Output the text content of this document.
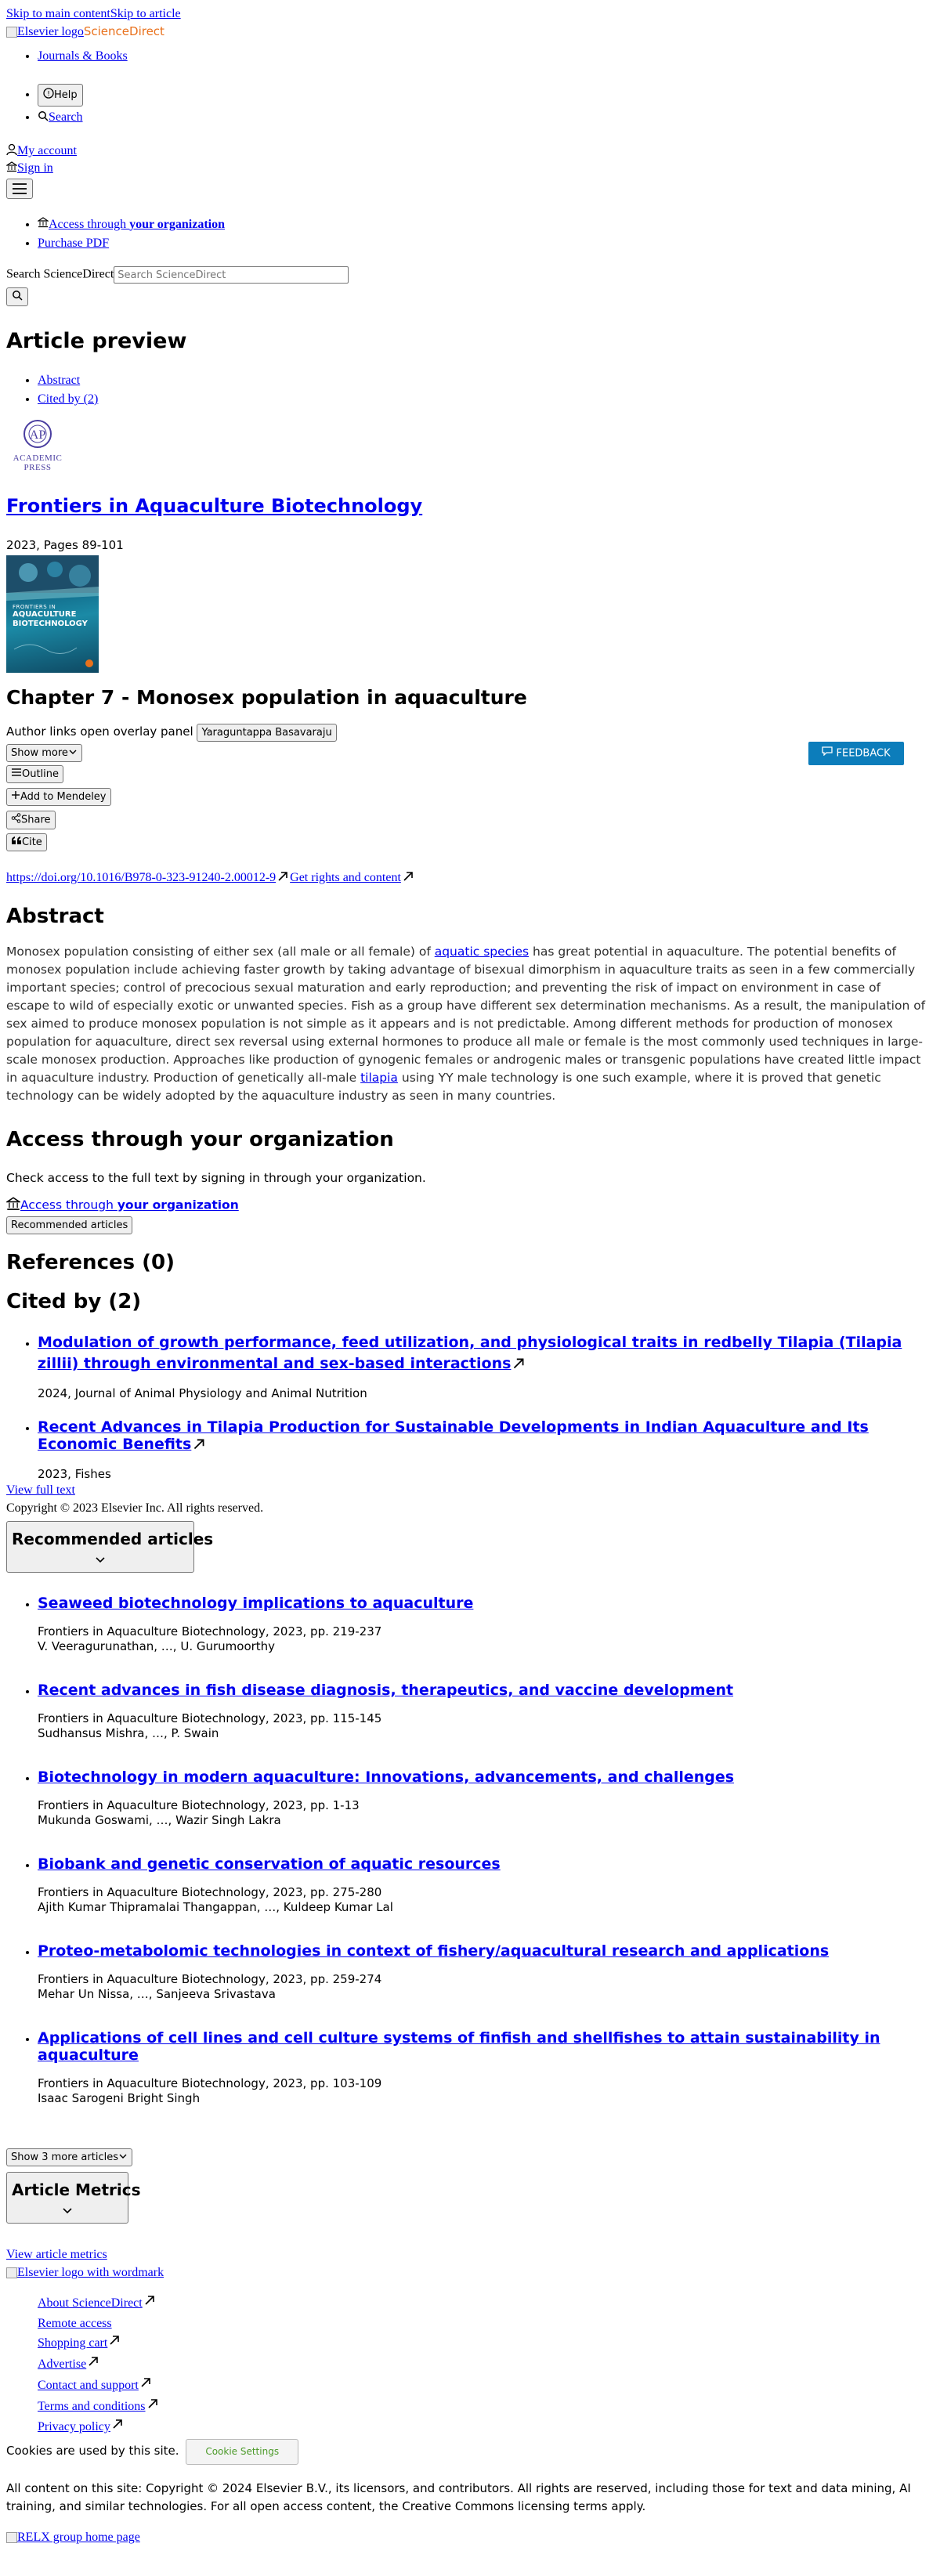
Skip to main contentSkip to article
Elsevier logoScienceDirect
• Journals & Books
• ! Help
• Search
My account
Sign in
• Access through your organization
• Purchase PDF
Search ScienceDirectSearch ScienceDirect
Article preview
• Abstract
• Cited by (2)
AP
ACADEMIC
PRESS
Frontiers in Aquaculture Biotechnology
2023, Pages 89-101
FRONTIERS IN
AQUACULTURE BIOTECHNOLOGY
Chapter 7 - Monosex population in aquaculture
Author links open overlay panel Yaraguntappa Basavaraju
Show more	FEEDBACK
Outline
Add to Mendeley
Share
Cite
https://doi.org/10.1016/B978-0-323-91240-2.00012-9 Get rights and content
Abstract

Monosex population consisting of either sex (all male or all female) of aquatic species has great potential in aquaculture. The potential benefits of monosex population include achieving faster growth by taking advantage of bisexual dimorphism in aquaculture traits as seen in a few commercially important species; control of precocious sexual maturation and early reproduction; and preventing the risk of impact on environment in case of escape to wild of especially exotic or unwanted species. Fish as a group have different sex determination mechanisms. As a result, the manipulation of sex aimed to produce monosex population is not simple as it appears and is not predictable. Among different methods for production of monosex population for aquaculture, direct sex reversal using external hormones to produce all male or female is the most commonly used techniques in large-scale monosex production. Approaches like production of gynogenic females or androgenic males or transgenic populations have created little impact in aquaculture industry. Production of genetically all-male tilapia using YY male technology is one such example, where it is proved that genetic technology can be widely adopted by the aquaculture industry as seen in many countries.

Access through your organization

Check access to the full text by signing in through your organization.

Access through your organization
Recommended articles
References (0)
Cited by (2)
• Modulation of growth performance, feed utilization, and physiological traits in redbelly Tilapia (Tilapia zillii) through environmental and sex-based interactions
2024, Journal of Animal Physiology and Animal Nutrition
• Recent Advances in Tilapia Production for Sustainable Developments in Indian Aquaculture and Its Economic Benefits
2023, Fishes
View full text
Copyright © 2023 Elsevier Inc. All rights reserved.
Recommended articles
• Seaweed biotechnology implications to aquaculture
Frontiers in Aquaculture Biotechnology, 2023, pp. 219-237
V. Veeragurunathan, …, U. Gurumoorthy
• Recent advances in fish disease diagnosis, therapeutics, and vaccine development
Frontiers in Aquaculture Biotechnology, 2023, pp. 115-145
Sudhansus Mishra, …, P. Swain
• Biotechnology in modern aquaculture: Innovations, advancements, and challenges
Frontiers in Aquaculture Biotechnology, 2023, pp. 1-13
Mukunda Goswami, …, Wazir Singh Lakra
• Biobank and genetic conservation of aquatic resources
Frontiers in Aquaculture Biotechnology, 2023, pp. 275-280
Ajith Kumar Thipramalai Thangappan, …, Kuldeep Kumar Lal
• Proteo-metabolomic technologies in context of fishery/aquacultural research and applications
Frontiers in Aquaculture Biotechnology, 2023, pp. 259-274
Mehar Un Nissa, …, Sanjeeva Srivastava
• Applications of cell lines and cell culture systems of finfish and shellfishes to attain sustainability in aquaculture
Frontiers in Aquaculture Biotechnology, 2023, pp. 103-109
Isaac Sarogeni Bright Singh
Show 3 more articles
Article Metrics
View article metrics
Elsevier logo with wordmark
About ScienceDirect
Remote access
Shopping cart
Advertise
Contact and support
Terms and conditions
Privacy policy
Cookies are used by this site.	Cookie Settings

All content on this site: Copyright © 2024 Elsevier B.V., its licensors, and contributors. All rights are reserved, including those for text and data mining, AI training, and similar technologies. For all open access content, the Creative Commons licensing terms apply.

RELX group home page
